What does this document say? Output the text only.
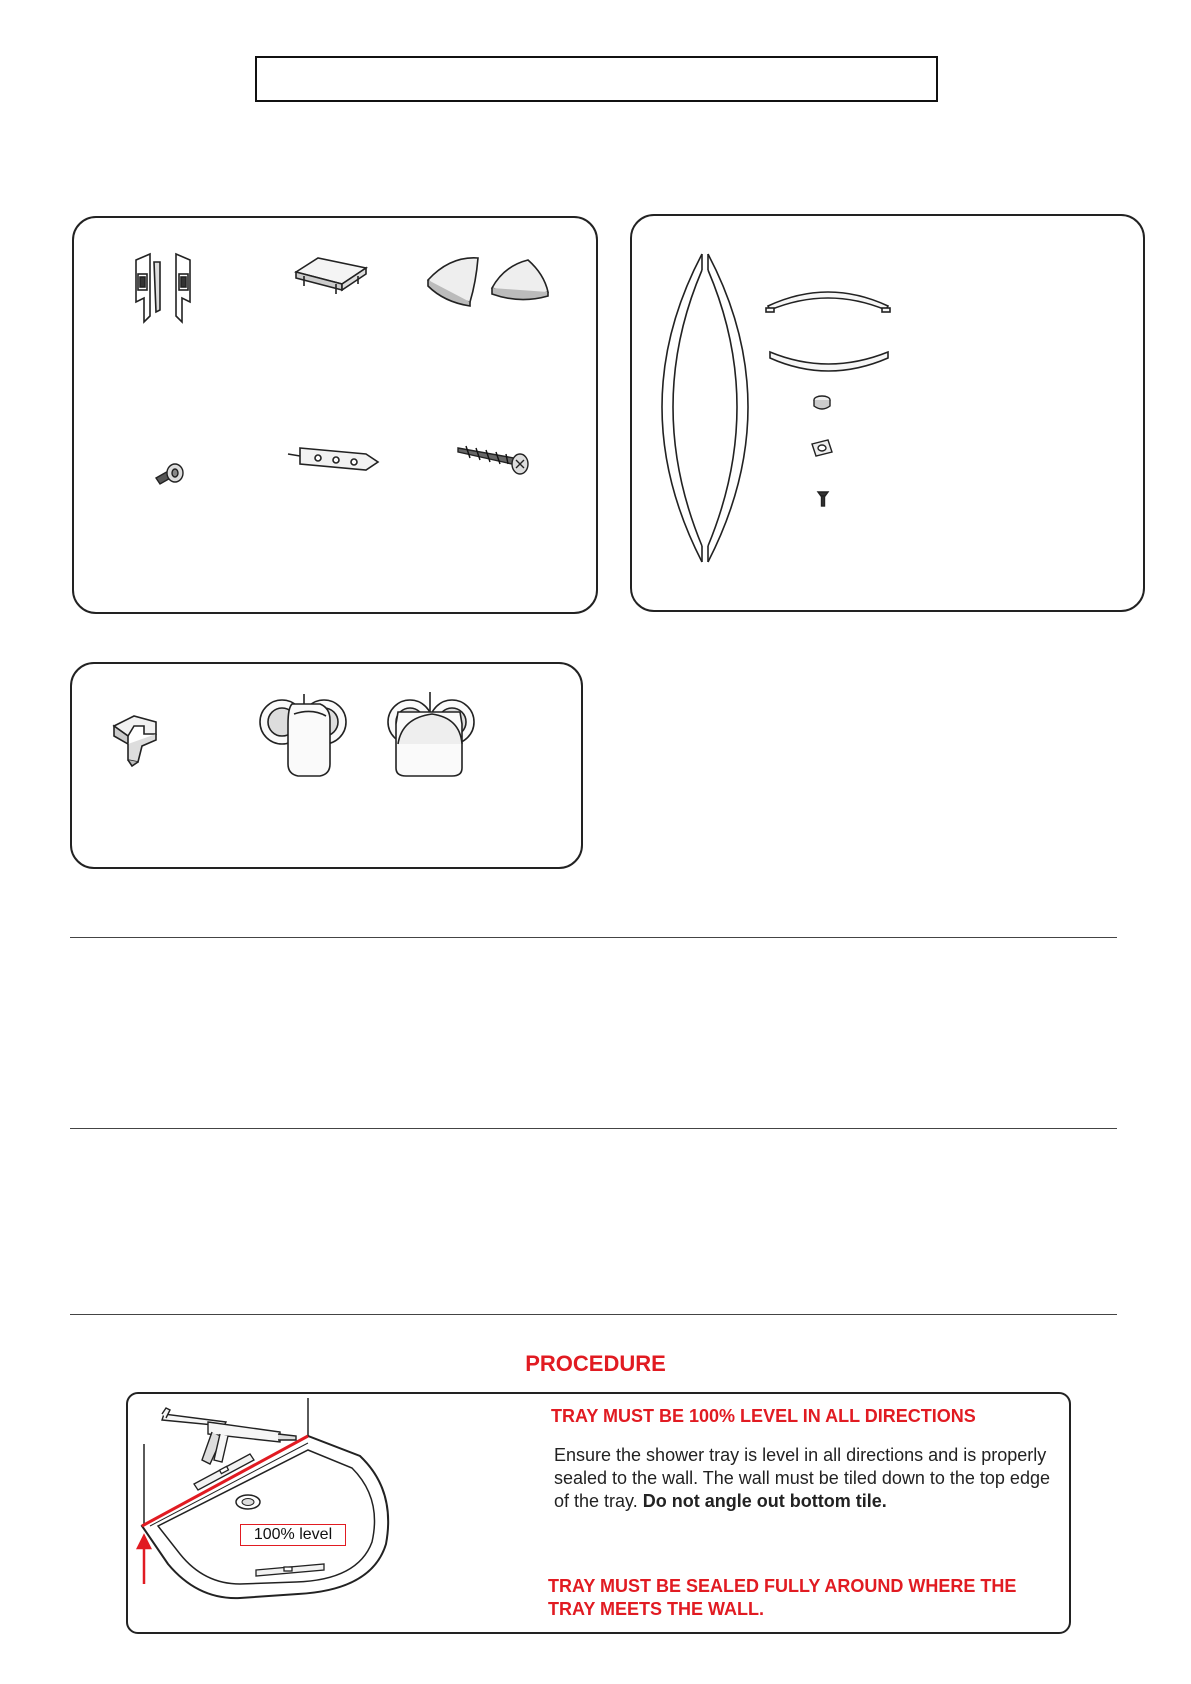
PROCEDURE
100% level
TRAY MUST BE 100% LEVEL IN ALL DIRECTIONS
Ensure the shower tray is level in all directions and is properly sealed to the wall. The wall must be tiled down to the top edge of the tray. Do not angle out bottom tile.
TRAY MUST BE SEALED FULLY AROUND WHERE THE
TRAY MEETS THE WALL.
